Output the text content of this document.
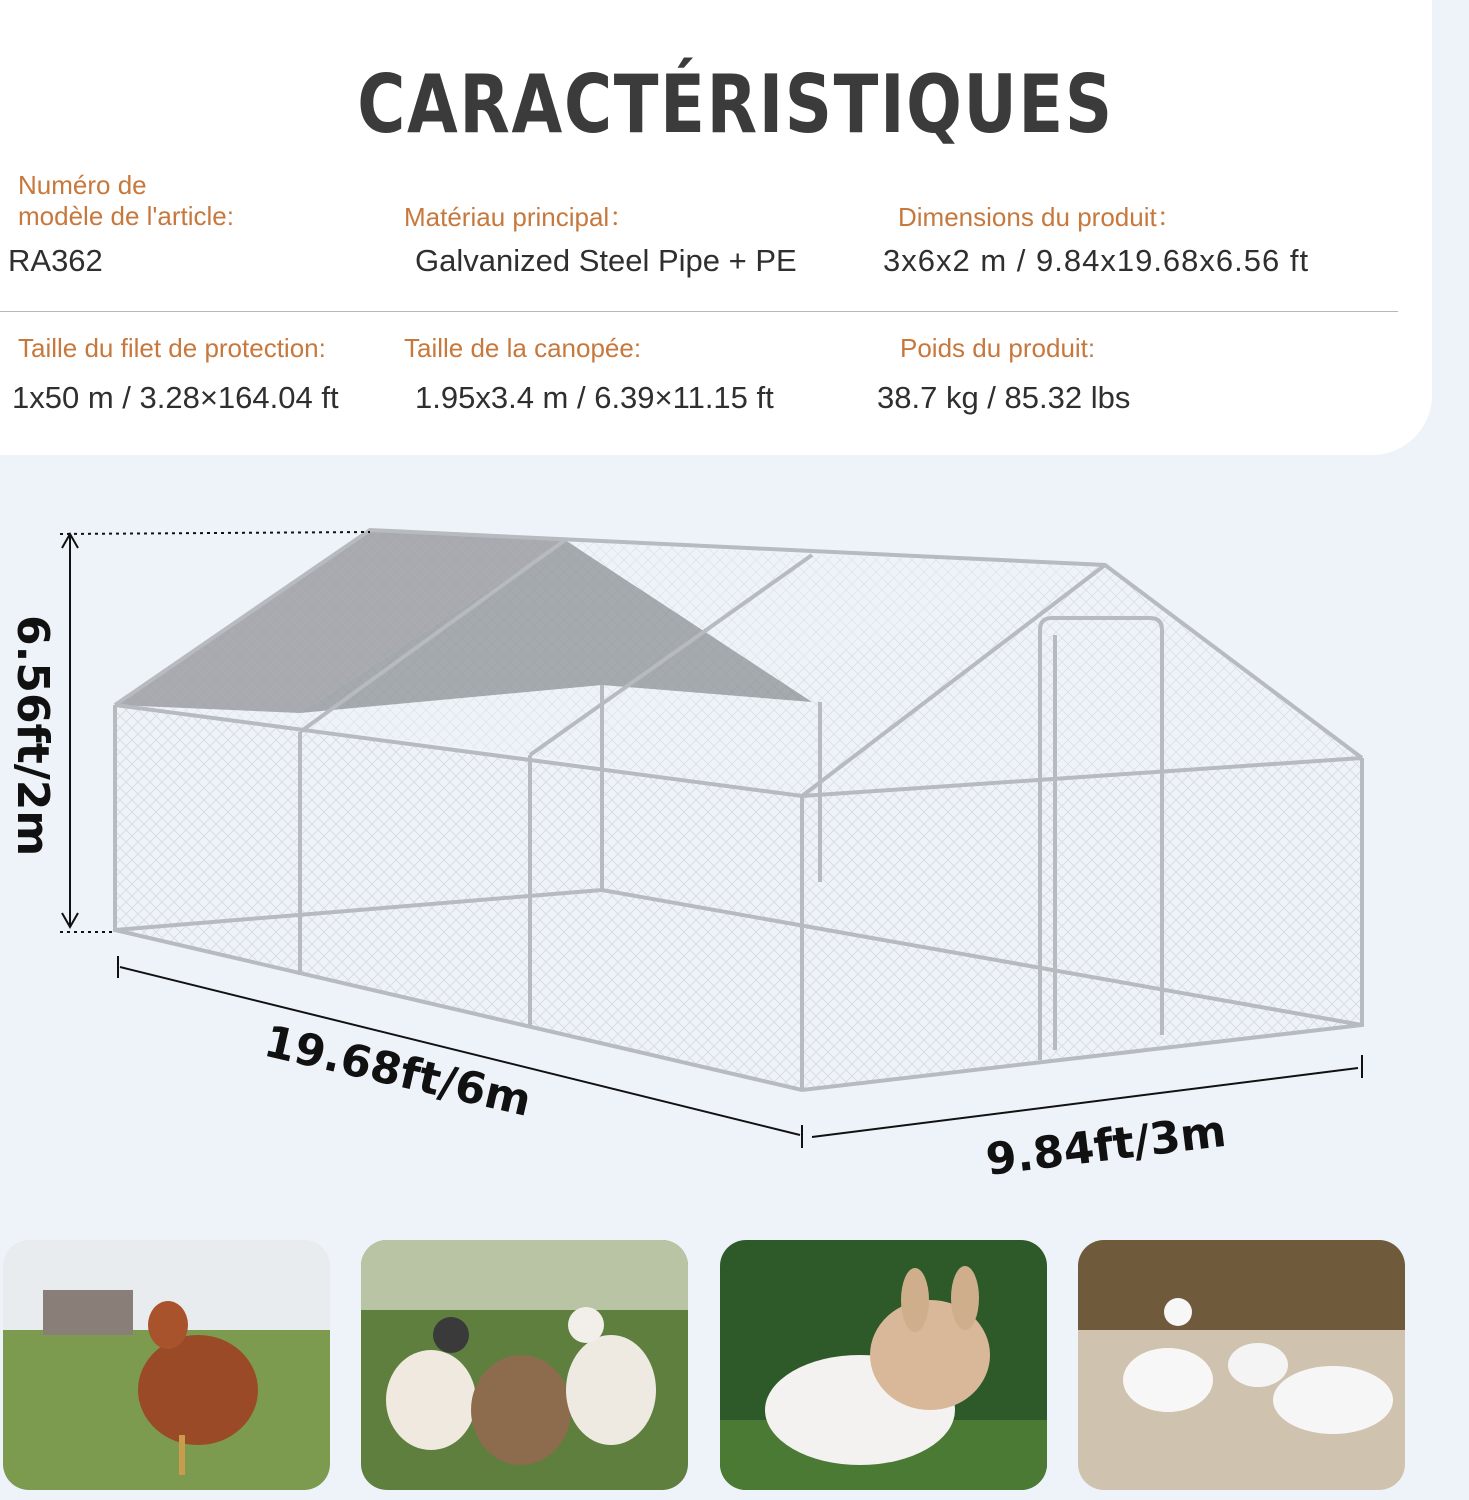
CARACTÉRISTIQUES
Numéro de
modèle de l'article:
RA362
Matériau principal：
Galvanized Steel Pipe + PE
Dimensions du produit：
3x6x2 m / 9.84x19.68x6.56 ft
Taille du filet de protection:
1x50 m / 3.28×164.04 ft
Taille de la canopée:
1.95x3.4 m / 6.39×11.15 ft
Poids du produit:
38.7 kg / 85.32 lbs
6.56ft/2m
19.68ft/6m
9.84ft/3m
